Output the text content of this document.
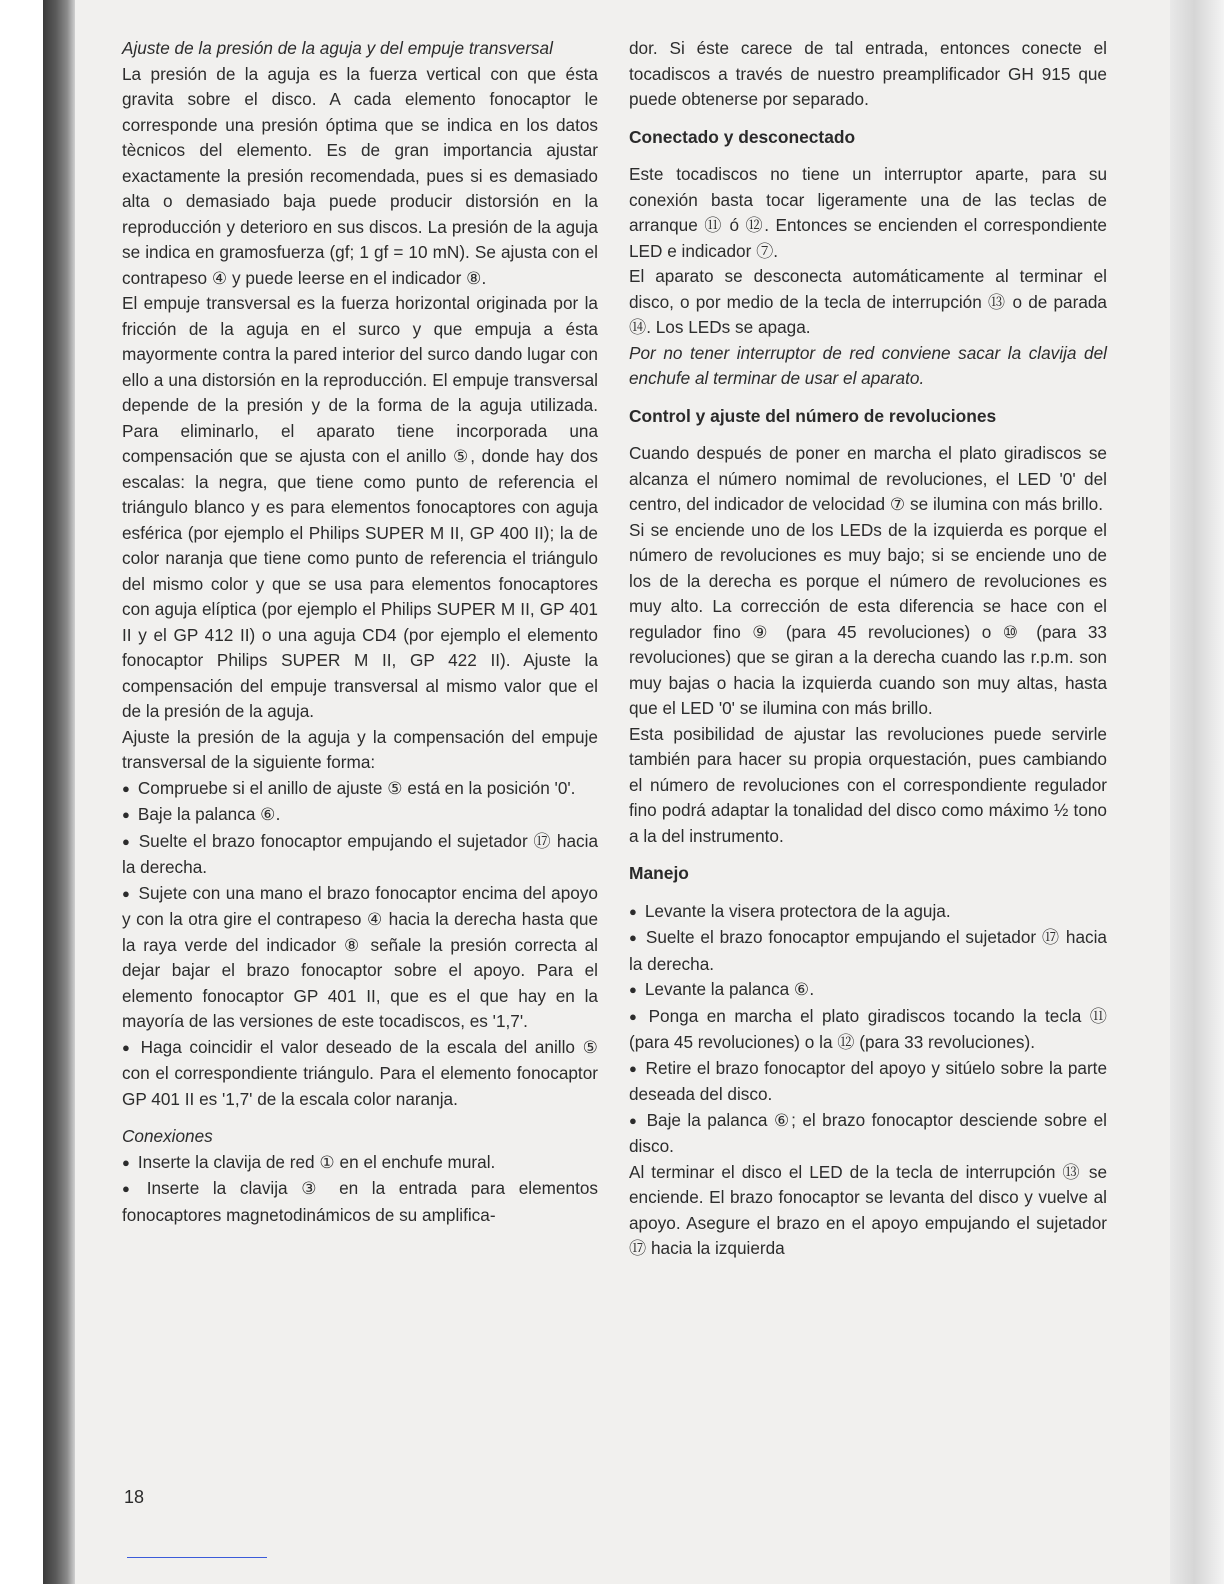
Ajuste de la presión de la aguja y del empuje transversal

La presión de la aguja es la fuerza vertical con que ésta gravita sobre el disco. A cada elemento fonocaptor le corresponde una presión óptima que se indica en los datos tècnicos del elemento. Es de gran importancia ajustar exactamente la presión recomendada, pues si es demasiado alta o demasiado baja puede producir distorsión en la reproducción y deterioro en sus discos. La presión de la aguja se indica en gramosfuerza (gf; 1 gf = 10 mN). Se ajusta con el contrapeso ④ y puede leerse en el indicador ⑧.

El empuje transversal es la fuerza horizontal originada por la fricción de la aguja en el surco y que empuja a ésta mayormente contra la pared interior del surco dando lugar con ello a una distorsión en la reproducción. El empuje transversal depende de la presión y de la forma de la aguja utilizada. Para eliminarlo, el aparato tiene incorporada una compensación que se ajusta con el anillo ⑤, donde hay dos escalas: la negra, que tiene como punto de referencia el triángulo blanco y es para elementos fonocaptores con aguja esférica (por ejemplo el Philips SUPER M II, GP 400 II); la de color naranja que tiene como punto de referencia el triángulo del mismo color y que se usa para elementos fonocaptores con aguja elíptica (por ejemplo el Philips SUPER M II, GP 401 II y el GP 412 II) o una aguja CD4 (por ejemplo el elemento fonocaptor Philips SUPER M II, GP 422 II). Ajuste la compensación del empuje transversal al mismo valor que el de la presión de la aguja.

Ajuste la presión de la aguja y la compensación del empuje transversal de la siguiente forma:

● Compruebe si el anillo de ajuste ⑤ está en la posición '0'.

● Baje la palanca ⑥.

● Suelte el brazo fonocaptor empujando el sujetador ⑰ hacia la derecha.

● Sujete con una mano el brazo fonocaptor encima del apoyo y con la otra gire el contrapeso ④ hacia la derecha hasta que la raya verde del indicador ⑧ señale la presión correcta al dejar bajar el brazo fonocaptor sobre el apoyo. Para el elemento fonocaptor GP 401 II, que es el que hay en la mayoría de las versiones de este tocadiscos, es '1,7'.

● Haga coincidir el valor deseado de la escala del anillo ⑤ con el correspondiente triángulo. Para el elemento fonocaptor GP 401 II es '1,7' de la escala color naranja.

Conexiones

● Inserte la clavija de red ① en el enchufe mural.

● Inserte la clavija ③ en la entrada para elementos fonocaptores magnetodinámicos de su amplifica-

dor. Si éste carece de tal entrada, entonces conecte el tocadiscos a través de nuestro preamplificador GH 915 que puede obtenerse por separado.

Conectado y desconectado

Este tocadiscos no tiene un interruptor aparte, para su conexión basta tocar ligeramente una de las teclas de arranque ⑪ ó ⑫. Entonces se encienden el correspondiente LED e indicador ⑦.

El aparato se desconecta automáticamente al terminar el disco, o por medio de la tecla de interrupción ⑬ o de parada ⑭. Los LEDs se apaga.

Por no tener interruptor de red conviene sacar la clavija del enchufe al terminar de usar el aparato.

Control y ajuste del número de revoluciones

Cuando después de poner en marcha el plato giradiscos se alcanza el número nomimal de revoluciones, el LED '0' del centro, del indicador de velocidad ⑦ se ilumina con más brillo.

Si se enciende uno de los LEDs de la izquierda es porque el número de revoluciones es muy bajo; si se enciende uno de los de la derecha es porque el número de revoluciones es muy alto. La corrección de esta diferencia se hace con el regulador fino ⑨ (para 45 revoluciones) o ⑩ (para 33 revoluciones) que se giran a la derecha cuando las r.p.m. son muy bajas o hacia la izquierda cuando son muy altas, hasta que el LED '0' se ilumina con más brillo.

Esta posibilidad de ajustar las revoluciones puede servirle también para hacer su propia orquestación, pues cambiando el número de revoluciones con el correspondiente regulador fino podrá adaptar la tonalidad del disco como máximo ½ tono a la del instrumento.

Manejo

● Levante la visera protectora de la aguja.

● Suelte el brazo fonocaptor empujando el sujetador ⑰ hacia la derecha.

● Levante la palanca ⑥.

● Ponga en marcha el plato giradiscos tocando la tecla ⑪ (para 45 revoluciones) o la ⑫ (para 33 revoluciones).

● Retire el brazo fonocaptor del apoyo y sitúelo sobre la parte deseada del disco.

● Baje la palanca ⑥; el brazo fonocaptor desciende sobre el disco.

Al terminar el disco el LED de la tecla de interrupción ⑬ se enciende. El brazo fonocaptor se levanta del disco y vuelve al apoyo. Asegure el brazo en el apoyo empujando el sujetador ⑰ hacia la izquierda

18
